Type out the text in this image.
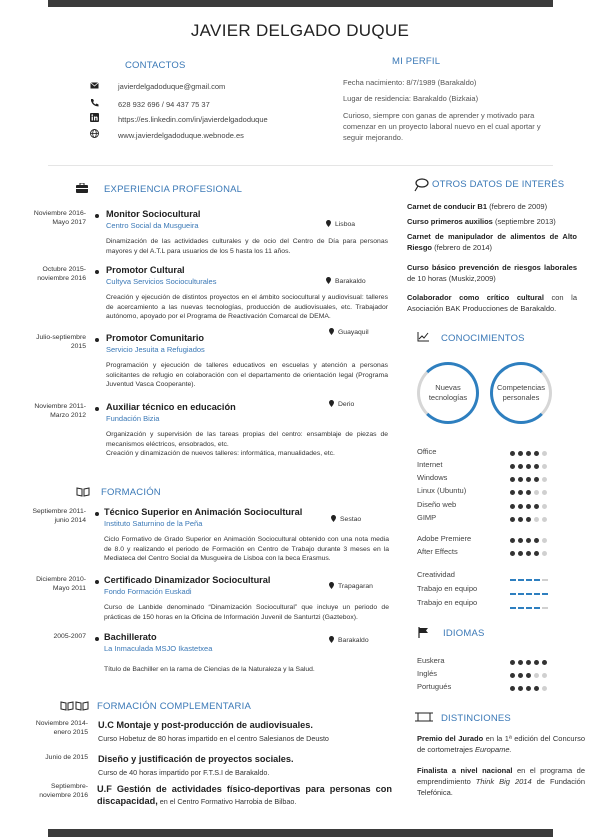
JAVIER DELGADO DUQUE
CONTACTOS
javierdelgadoduque@gmail.com
628 932 696 / 94 437 75 37
https://es.linkedin.com/in/javierdelgadoduque
www.javierdelgadoduque.webnode.es
MI PERFIL
Fecha nacimiento: 8/7/1989 (Barakaldo)
Lugar de residencia: Barakaldo (Bizkaia)
Curioso, siempre con ganas de aprender y motivado para comenzar en un proyecto laboral nuevo en el cual aportar y seguir mejorando.
EXPERIENCIA PROFESIONAL
Noviembre 2016-
Mayo 2017
Monitor Sociocultural
Centro Social da Musgueira	Lisboa
Dinamización de las actividades culturales y de ocio del Centro de Día para personas mayores y del A.T.L para usuarios de los 5 hasta los 11 años.
Octubre 2015-
noviembre 2016
Promotor Cultural
Cultyva Servicios Socioculturales	Barakaldo
Creación y ejecución de distintos proyectos en el ámbito sociocultural y audiovisual: talleres de acercamiento a las nuevas tecnologías, producción de audiovisuales, etc. Trabajador autónomo, apoyado por el Programa de Reactivación Comarcal de DEMA.
Julio-septiembre
2015
Promotor Comunitario
Servicio Jesuita a Refugiados
Guayaquil
Programación y ejecución de talleres educativos en escuelas y atención a personas solicitantes de refugio en colaboración con el departamento de orientación legal (Programa Juventud Vasca Cooperante).
Noviembre 2011-
Marzo 2012
Auxiliar técnico en educación
Fundación Bizia
Derio
Organización y supervisión de las tareas propias del centro: ensamblaje de piezas de mecanismos eléctricos, ensobrados, etc.
Creación y dinamización de nuevos talleres: informática, manualidades, etc.
FORMACIÓN
Septiembre 2011-
junio 2014
Técnico Superior en Animación Sociocultural
Instituto Saturnino de la Peña	Sestao
Ciclo Formativo de Grado Superior en Animación Sociocultural obtenido con una nota media de 8.0 y realizando el periodo de Formación en Centro de Trabajo durante 3 meses en la Mediateca del Centro Social da Musgueira de Lisboa con la beca Erasmus.
Diciembre 2010-
Mayo 2011
Certificado Dinamizador Sociocultural
Fondo Formación Euskadi
Trapagaran
Curso de Lanbide denominado “Dinamización Sociocultural” que incluye un periodo de prácticas de 150 horas en la Oficina de Información Juvenil de Santurtzi (Gaztebox).
2005-2007 Bachillerato
La Inmaculada MSJO Ikastetxea
Barakaldo
Título de Bachiller en la rama de Ciencias de la Naturaleza y la Salud.
FORMACIÓN COMPLEMENTARIA
Noviembre 2014-
enero 2015
U.C Montaje y post-producción de audiovisuales.
Curso Hobetuz de 80 horas impartido en el centro Salesianos de Deusto
Junio de 2015 Diseño y justificación de proyectos sociales.
Curso de 40 horas impartido por F.T.S.I de Barakaldo.
Septiembre-
noviembre 2016
U.F Gestión de actividades físico-deportivas para personas con discapacidad, en el Centro Formativo Harrobia de Bilbao.
OTROS DATOS DE INTERÉS
Carnet de conducir B1 (febrero de 2009)
Curso primeros auxilios (septiembre 2013)
Carnet de manipulador de alimentos de Alto Riesgo (febrero de 2014)
Curso básico prevención de riesgos laborales de 10 horas (Muskiz,2009)
Colaborador como crítico cultural con la Asociación BAK Producciones de Barakaldo.
CONOCIMIENTOS
Nuevas tecnologías
Competencias personales
Office
Internet
Windows
Linux (Ubuntu)
Diseño web
GIMP
Adobe Premiere
After Effects
Creatividad
Trabajo en equipo
Trabajo en equipo
IDIOMAS
Euskera
Inglés
Portugués
DISTINCIONES
Premio del Jurado en la 1ª edición del Concurso de cortometrajes Europame.
Finalista a nivel nacional en el programa de emprendimiento Think Big 2014 de Fundación Telefónica.
